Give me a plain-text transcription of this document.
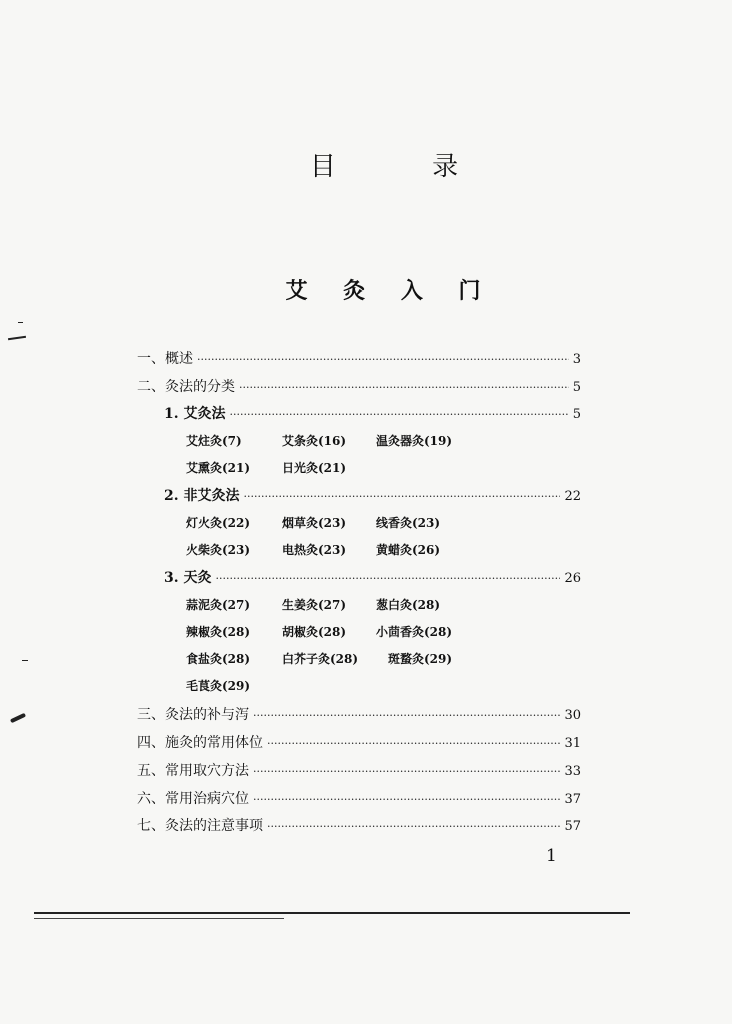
目 录
艾 灸 入 门
一、概述 ·····	3
二、灸法的分类 ·····	5
1. 艾灸法 ·····	5
艾炷灸(7)	艾条灸(16) 温灸器灸(19)
艾熏灸(21)	日光灸(21)
2. 非艾灸法 ·····	22
灯火灸(22)	烟草灸(23) 线香灸(23)
火柴灸(23)	电热灸(23) 黄蜡灸(26)
3. 天灸 ·····	26
蒜泥灸(27)	生姜灸(27) 葱白灸(28)
辣椒灸(28)	胡椒灸(28) 小茴香灸(28)
食盐灸(28)	白芥子灸(28) 斑蝥灸(29)
毛茛灸(29)
三、灸法的补与泻 ·····	30
四、施灸的常用体位 ·····	31
五、常用取穴方法 ·····	33
六、常用治病穴位 ·····	37
七、灸法的注意事项 ·····	57
1
